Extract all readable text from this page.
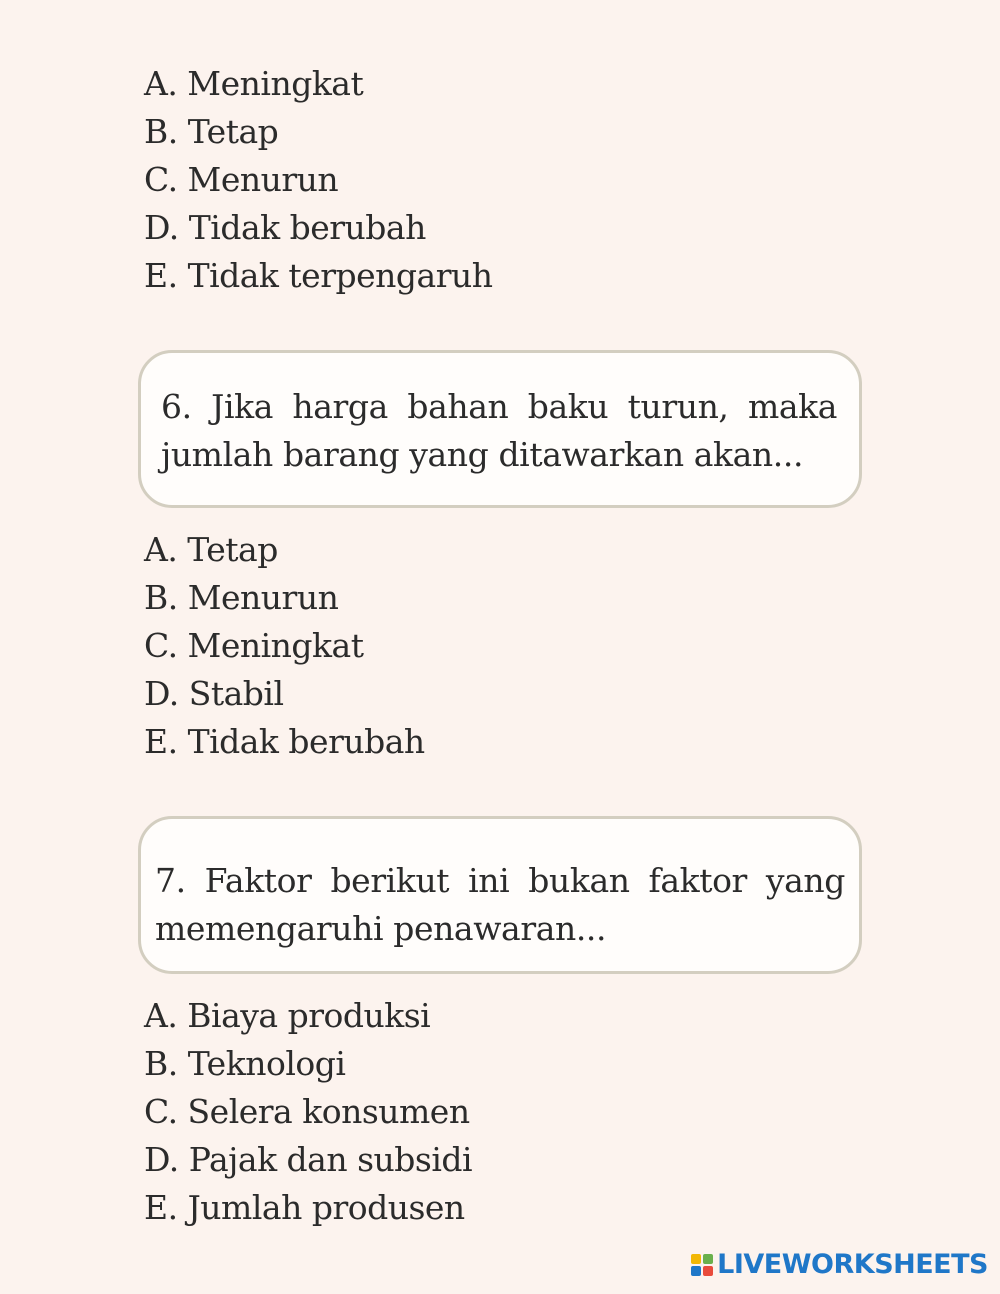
A. Meningkat
B. Tetap
C. Menurun
D. Tidak berubah
E. Tidak terpengaruh

6. Jika harga bahan baku turun, maka jumlah barang yang ditawarkan akan...

A. Tetap
B. Menurun
C. Meningkat
D. Stabil
E. Tidak berubah

7. Faktor berikut ini bukan faktor yang memengaruhi penawaran...

A. Biaya produksi
B. Teknologi
C. Selera konsumen
D. Pajak dan subsidi
E. Jumlah produsen
LIVEWORKSHEETS
